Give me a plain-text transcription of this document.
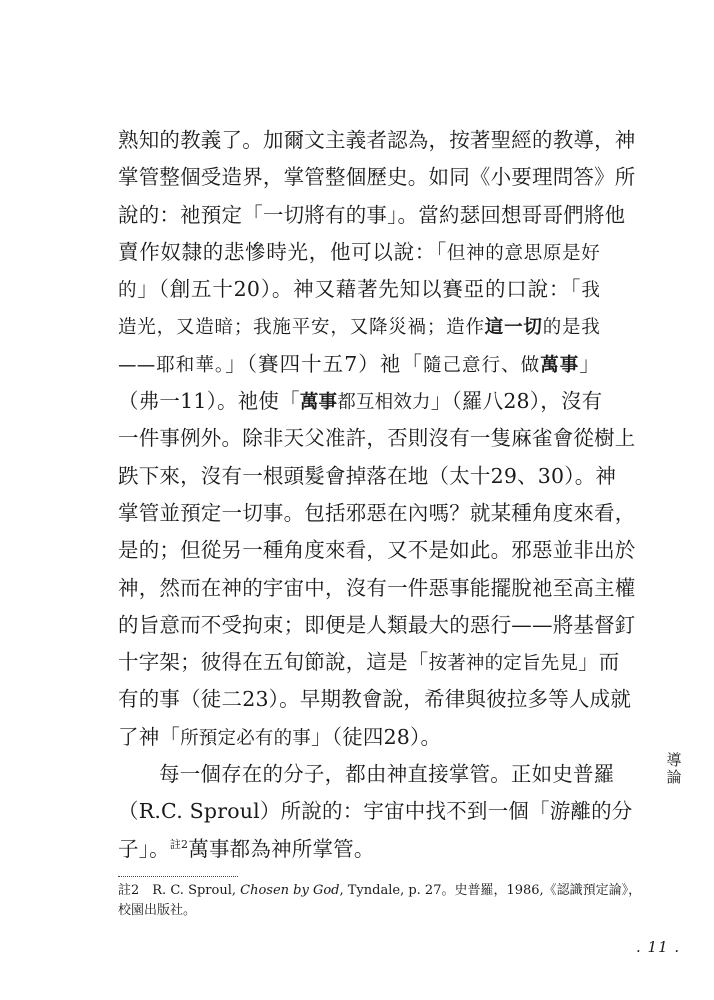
熟知的教義了。加爾文主義者認為，按著聖經的教導，神
掌管整個受造界，掌管整個歷史。如同《小要理問答》所
說的：祂預定「一切將有的事」。當約瑟回想哥哥們將他
賣作奴隸的悲慘時光，他可以說：「但神的意思原是好
的」（創五十20）。神又藉著先知以賽亞的口說：「我
造光，又造暗；我施平安，又降災禍；造作這一切的是我
——耶和華。」（賽四十五7）祂「隨己意行、做萬事」
（弗一11）。祂使「萬事都互相效力」（羅八28），沒有
一件事例外。除非天父准許，否則沒有一隻麻雀會從樹上
跌下來，沒有一根頭髮會掉落在地（太十29、30）。神
掌管並預定一切事。包括邪惡在內嗎？就某種角度來看，
是的；但從另一種角度來看，又不是如此。邪惡並非出於
神，然而在神的宇宙中，沒有一件惡事能擺脫祂至高主權
的旨意而不受拘束；即便是人類最大的惡行——將基督釘
十字架；彼得在五旬節說，這是「按著神的定旨先見」而
有的事（徒二23）。早期教會說，希律與彼拉多等人成就
了神「所預定必有的事」（徒四28）。
每一個存在的分子，都由神直接掌管。正如史普羅
（R.C. Sproul）所說的：宇宙中找不到一個「游離的分
子」。$^{註2}$萬事都為神所掌管。
導
論
註2　R. C. Sproul, Chosen by God, Tyndale, p. 27。史普羅，1986,《認識預定論》，
校園出版社。
. 11 .
